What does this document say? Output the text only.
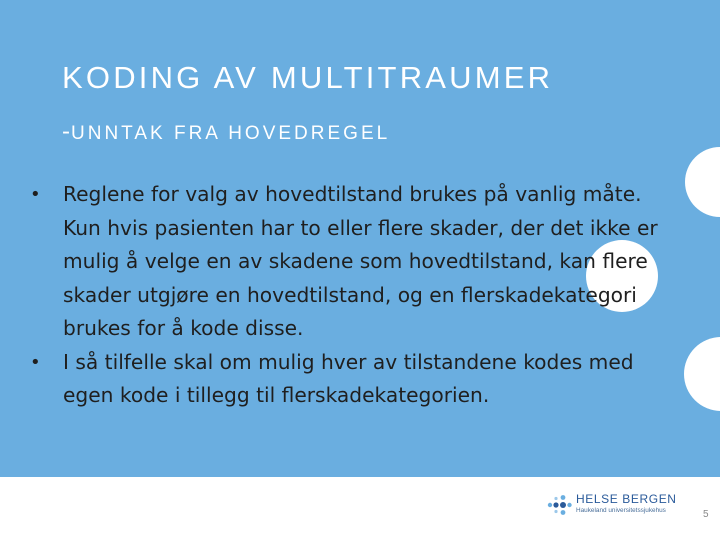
KODING AV MULTITRAUMER
-UNNTAK FRA HOVEDREGEL
•	Reglene for valg av hovedtilstand brukes på vanlig måte. Kun hvis pasienten har to eller flere skader, der det ikke er mulig å velge en av skadene som hovedtilstand, kan flere skader utgjøre en hovedtilstand, og en flerskadekategori brukes for å kode disse.
•	I så tilfelle skal om mulig hver av tilstandene kodes med egen kode i tillegg til flerskadekategorien.
HELSE BERGEN
Haukeland universitetssjukehus	5
